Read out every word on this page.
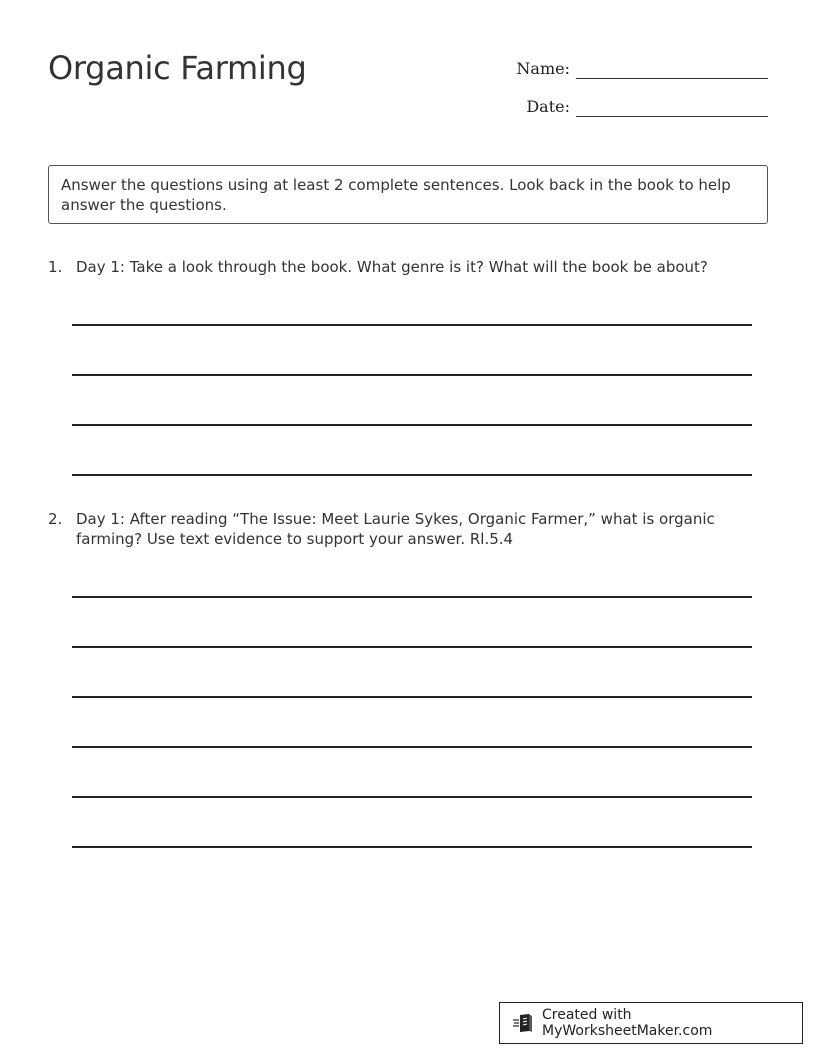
Organic Farming	Name:
Date:
Answer the questions using at least 2 complete sentences. Look back in the book to help answer the questions.
1. Day 1: Take a look through the book. What genre is it? What will the book be about?
2. Day 1: After reading “The Issue: Meet Laurie Sykes, Organic Farmer,” what is organic farming? Use text evidence to support your answer. Rl.5.4
Created with MyWorksheetMaker.com
